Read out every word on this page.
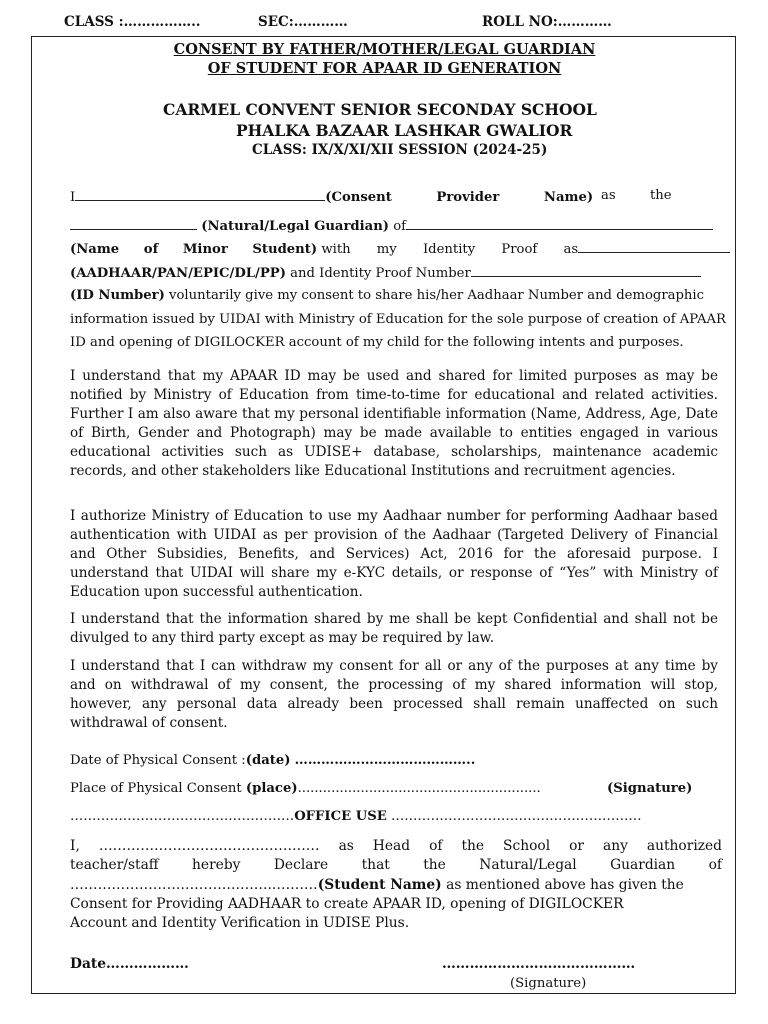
CLASS :……………..	SEC:…………	ROLL NO:…………
CONSENT BY FATHER/MOTHER/LEGAL GUARDIAN
OF STUDENT FOR APAAR ID GENERATION
CARMEL CONVENT SENIOR SECONDAY SCHOOL
PHALKA BAZAAR LASHKAR GWALIOR
CLASS: IX/X/XI/XII SESSION (2024-25)
I	(Consent Provider Name) as	the
(Natural/Legal Guardian) of
(Name of Minor Student) with my Identity Proof as
(AADHAAR/PAN/EPIC/DL/PP) and Identity Proof Number
(ID Number) voluntarily give my consent to share his/her Aadhaar Number and demographic
information issued by UIDAI with Ministry of Education for the sole purpose of creation of APAAR
ID and opening of DIGILOCKER account of my child for the following intents and purposes.
I understand that my APAAR ID may be used and shared for limited purposes as may be notified by Ministry of Education from time-to-time for educational and related activities. Further I am also aware that my personal identifiable information (Name, Address, Age, Date of Birth, Gender and Photograph) may be made available to entities engaged in various educational activities such as UDISE+ database, scholarships, maintenance academic records, and other stakeholders like Educational Institutions and recruitment agencies.
I authorize Ministry of Education to use my Aadhaar number for performing Aadhaar based authentication with UIDAI as per provision of the Aadhaar (Targeted Delivery of Financial and Other Subsidies, Benefits, and Services) Act, 2016 for the aforesaid purpose. I understand that UIDAI will share my e-KYC details, or response of “Yes” with Ministry of Education upon successful authentication.
I understand that the information shared by me shall be kept Confidential and shall not be divulged to any third party except as may be required by law.
I understand that I can withdraw my consent for all or any of the purposes at any time by and on withdrawal of my consent, the processing of my shared information will stop, however, any personal data already been processed shall remain unaffected on such withdrawal of consent.
Date of Physical Consent :(date) …………………………………..
Place of Physical Consent (place)..........................................................	(Signature)
……………………………………………OFFICE USE …………………………………………………
I, ………………………………………… as Head of the School or any authorized
teacher/staff hereby Declare that the Natural/Legal Guardian of
……………………………….……..………(Student Name) as mentioned above has given the
Consent for Providing AADHAAR to create APAAR ID, opening of DIGILOCKER
Account and Identity Verification in UDISE Plus.
Date………………	……………………………………
(Signature)
